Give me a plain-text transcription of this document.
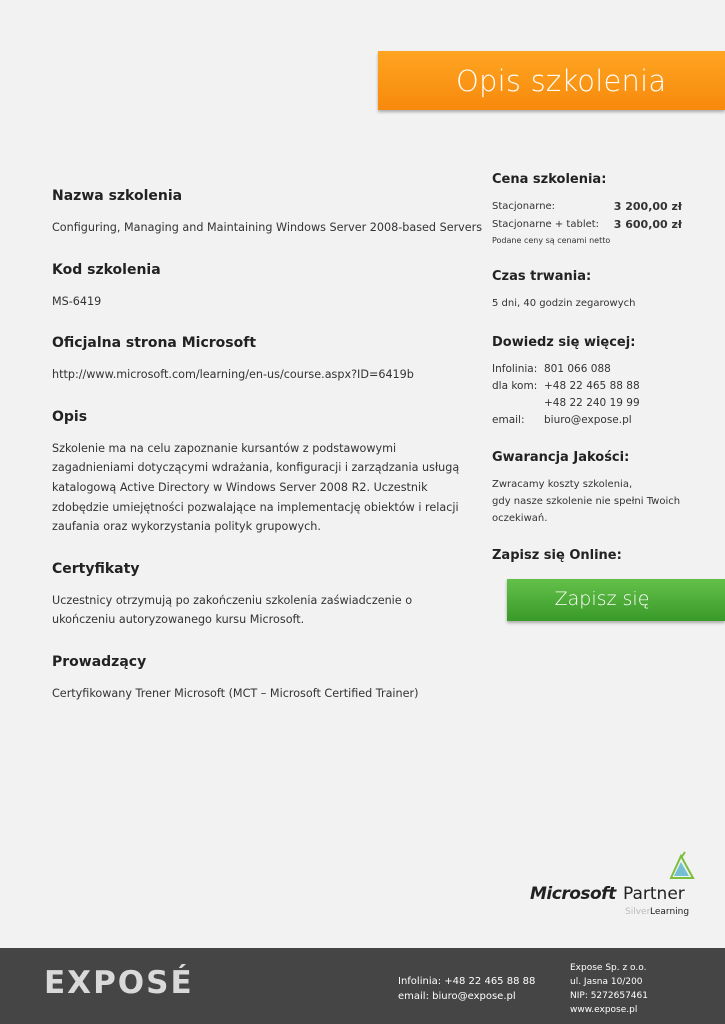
Opis szkolenia
Nazwa szkolenia
Configuring, Managing and Maintaining Windows Server 2008-based Servers
Kod szkolenia
MS-6419
Oficjalna strona Microsoft
http://www.microsoft.com/learning/en-us/course.aspx?ID=6419b
Opis
Szkolenie ma na celu zapoznanie kursantów z podstawowymi zagadnieniami dotyczącymi wdrażania, konfiguracji i zarządzania usługą katalogową Active Directory w Windows Server 2008 R2. Uczestnik zdobędzie umiejętności pozwalające na implementację obiektów i relacji zaufania oraz wykorzystania polityk grupowych.
Certyfikaty
Uczestnicy otrzymują po zakończeniu szkolenia zaświadczenie o ukończeniu autoryzowanego kursu Microsoft.
Prowadzący
Certyfikowany Trener Microsoft (MCT – Microsoft Certified Trainer)
Cena szkolenia:
Stacjonarne:	3 200,00 zł
Stacjonarne + tablet: 3 600,00 zł
Podane ceny są cenami netto
Czas trwania:
5 dni, 40 godzin zegarowych
Dowiedz się więcej:
Infolinia: 801 066 088
dla kom: +48 22 465 88 88
+48 22 240 19 99
email: biuro@expose.pl
Gwarancja Jakości:
Zwracamy koszty szkolenia,
gdy nasze szkolenie nie spełni Twoich
oczekiwań.
Zapisz się Online:
Zapisz się
Microsoft Partner
Silver Learning
EXPOSÉ	Infolinia: +48 22 465 88 88
email: biuro@expose.pl
Expose Sp. z o.o.
ul. Jasna 10/200
NIP: 5272657461
www.expose.pl
